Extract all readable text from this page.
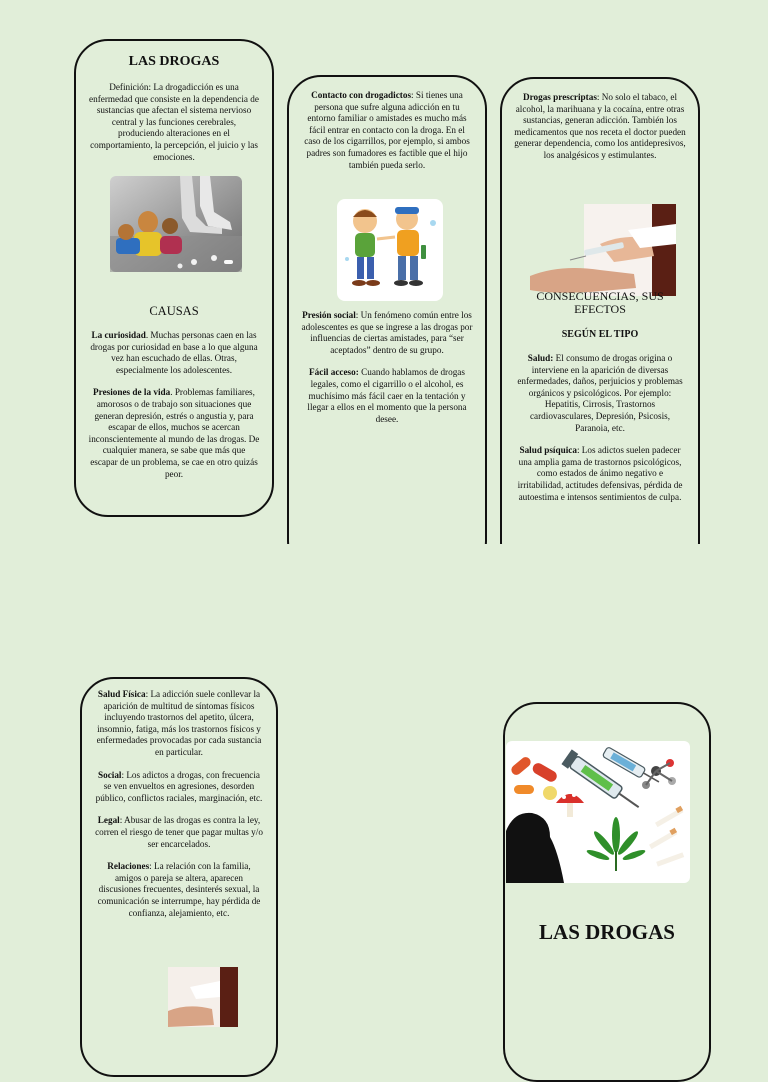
LAS DROGAS
Definición: La drogadicción es una enfermedad que consiste en la dependencia de sustancias que afectan el sistema nervioso central y las funciones cerebrales, produciendo alteraciones en el comportamiento, la percepción, el juicio y las emociones.
CAUSAS

La curiosidad. Muchas personas caen en las drogas por curiosidad en base a lo que alguna vez han escuchado de ellas. Otras, especialmente los adolescentes.

Presiones de la vida. Problemas familiares, amorosos o de trabajo son situaciones que generan depresión, estrés o angustia y, para escapar de ellos, muchos se acercan inconscientemente al mundo de las drogas. De cualquier manera, se sabe que más que escapar de un problema, se cae en otro quizás peor.

Contacto con drogadictos: Si tienes una persona que sufre alguna adicción en tu entorno familiar o amistades es mucho más fácil entrar en contacto con la droga. En el caso de los cigarrillos, por ejemplo, si ambos padres son fumadores es factible que el hijo también pueda serlo.

Presión social: Un fenómeno común entre los adolescentes es que se ingrese a las drogas por influencias de ciertas amistades, para “ser aceptados” dentro de su grupo.

Fácil acceso: Cuando hablamos de drogas legales, como el cigarrillo o el alcohol, es muchísimo más fácil caer en la tentación y llegar a ellos en el momento que la persona desee.

Drogas prescriptas: No solo el tabaco, el alcohol, la marihuana y la cocaína, entre otras sustancias, generan adicción. También los medicamentos que nos receta el doctor pueden generar dependencia, como los antidepresivos, los analgésicos y estimulantes.
CONSECUENCIAS, SUS EFECTOS
SEGÚN EL TIPO

Salud: El consumo de drogas origina o interviene en la aparición de diversas enfermedades, daños, perjuicios y problemas orgánicos y psicológicos. Por ejemplo: Hepatitis, Cirrosis, Trastornos cardiovasculares, Depresión, Psicosis, Paranoia, etc.

Salud psíquica: Los adictos suelen padecer una amplia gama de trastornos psicológicos, como estados de ánimo negativo e irritabilidad, actitudes defensivas, pérdida de autoestima e intensos sentimientos de culpa.

Salud Física: La adicción suele conllevar la aparición de multitud de síntomas físicos incluyendo trastornos del apetito, úlcera, insomnio, fatiga, más los trastornos físicos y enfermedades provocadas por cada sustancia en particular.

Social: Los adictos a drogas, con frecuencia se ven envueltos en agresiones, desorden público, conflictos raciales, marginación, etc.

Legal: Abusar de las drogas es contra la ley, corren el riesgo de tener que pagar multas y/o ser encarcelados.

Relaciones: La relación con la familia, amigos o pareja se altera, aparecen discusiones frecuentes, desinterés sexual, la comunicación se interrumpe, hay pérdida de confianza, alejamiento, etc.

LAS DROGAS
